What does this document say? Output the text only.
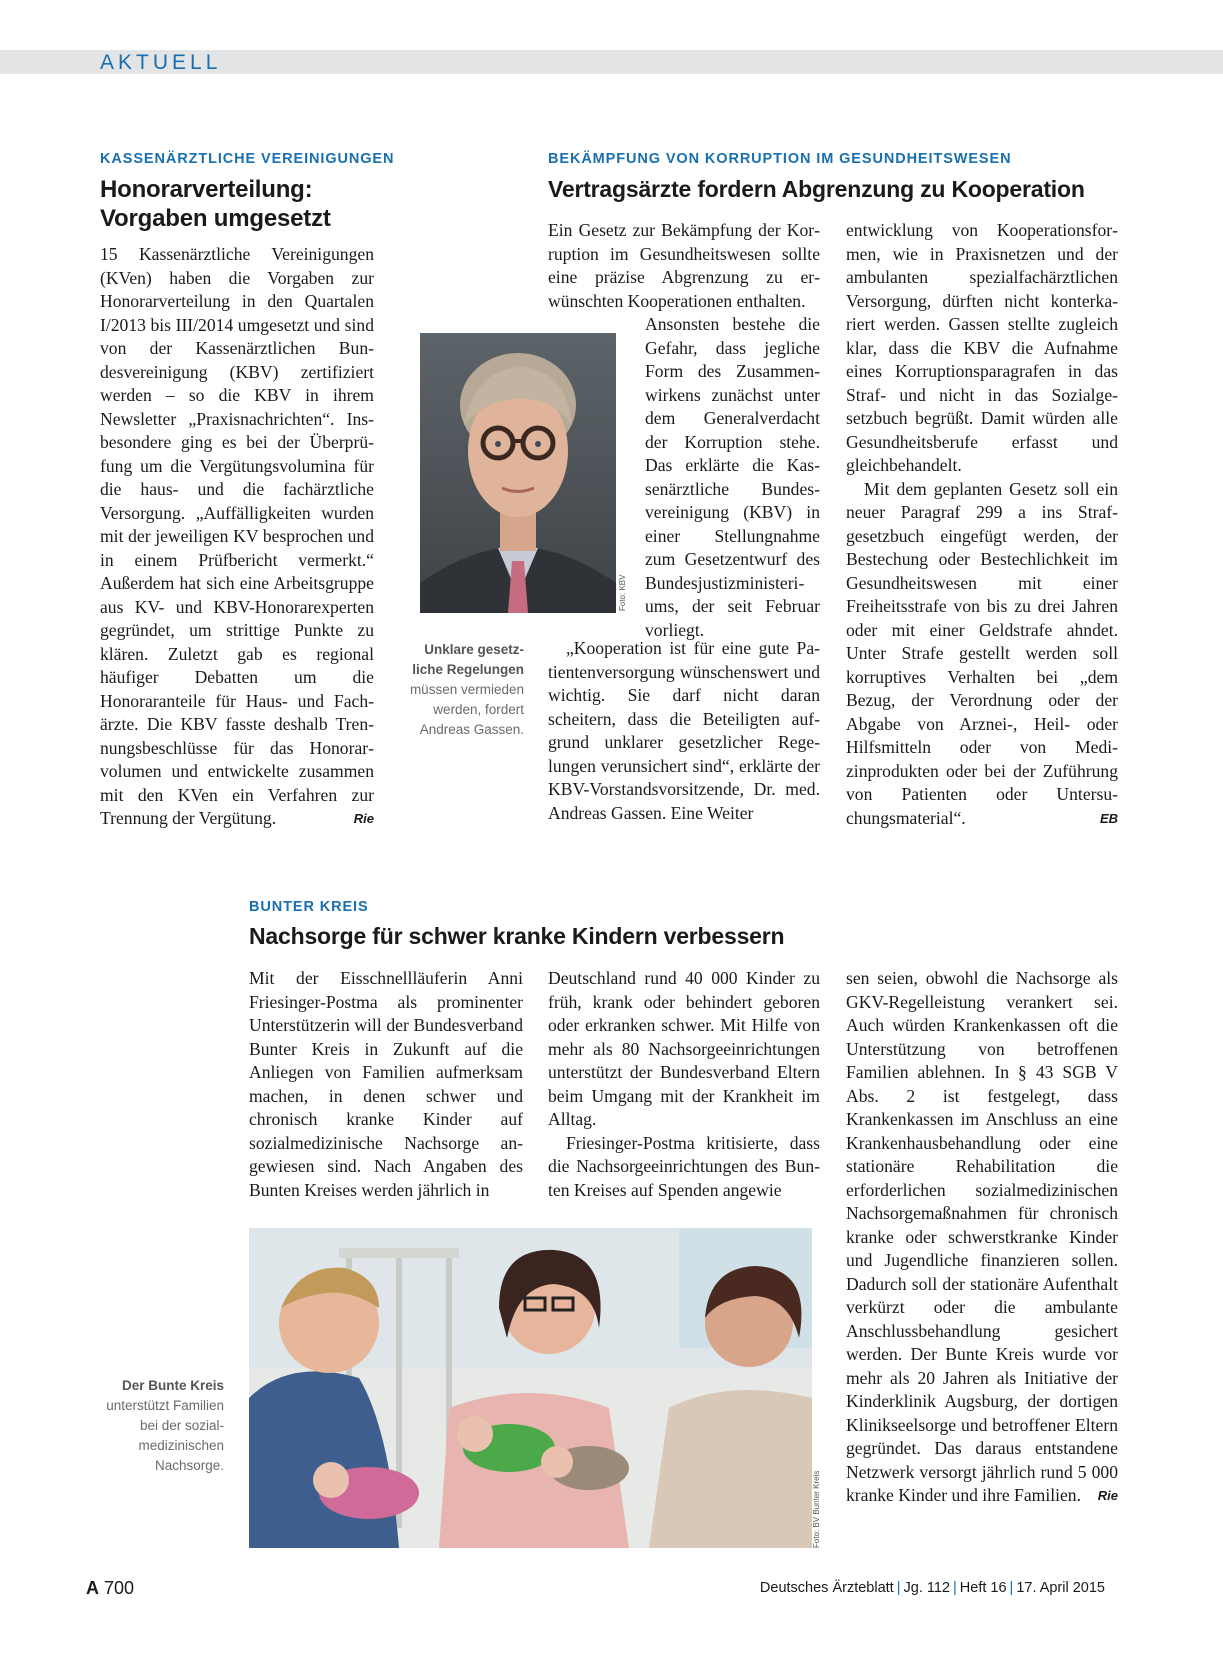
AKTUELL
KASSENÄRZTLICHE VEREINIGUNGEN
Honorarverteilung:
Vorgaben umgesetzt

15 Kassenärztliche Vereinigungen (KVen) haben die Vorgaben zur Honorarverteilung in den Quartalen I/2013 bis III/2014 umgesetzt und sind von der Kassenärztlichen Bundesvereinigung (KBV) zertifiziert werden – so die KBV in ihrem Newsletter „Praxisnachrichten“. Insbesondere ging es bei der Überprüfung um die Vergütungsvolumina für die haus- und die fachärztliche Versorgung. „Auffälligkeiten wurden mit der jeweiligen KV besprochen und in einem Prüfbericht vermerkt.“ Außerdem hat sich eine Arbeitsgruppe aus KV- und KBV-Honorarexperten gegründet, um strittige Punkte zu klären. Zuletzt gab es regional häufiger Debatten um die Honoraranteile für Haus- und Fachärzte. Die KBV fasste deshalb Trennungsbeschlüsse für das Honorarvolumen und entwickelte zusammen mit den KVen ein Verfahren zur Trennung der Vergütung.	Rie

BEKÄMPFUNG VON KORRUPTION IM GESUNDHEITSWESEN
Vertragsärzte fordern Abgrenzung zu Kooperation

Ein Gesetz zur Bekämpfung der Korruption im Gesundheitswesen sollte eine präzise Abgrenzung zu erwünschten Kooperationen enthalten.

Foto: KBV
Unklare gesetz-
liche Regelungen
müssen vermieden
werden, fordert
Andreas Gassen.

Ansonsten bestehe die Gefahr, dass jegliche Form des Zusammenwirkens zunächst unter dem Generalverdacht der Korruption stehe. Das erklärte die Kassenärztliche Bundesvereinigung (KBV) in einer Stellungnahme zum Gesetzentwurf des Bundesjustizministeriums, der seit Februar vorliegt.

„Kooperation ist für eine gute Patientenversorgung wünschenswert und wichtig. Sie darf nicht daran scheitern, dass die Beteiligten aufgrund unklarer gesetzlicher Regelungen verunsichert sind“, erklärte der KBV-Vorstandsvorsitzende, Dr. med. Andreas Gassen. Eine Weiter

entwicklung von Kooperationsformen, wie in Praxisnetzen und der ambulanten spezialfachärztlichen Versorgung, dürften nicht konterkariert werden. Gassen stellte zugleich klar, dass die KBV die Aufnahme eines Korruptionsparagrafen in das Straf- und nicht in das Sozialgesetzbuch begrüßt. Damit würden alle Gesundheitsberufe erfasst und gleichbehandelt.

Mit dem geplanten Gesetz soll ein neuer Paragraf 299 a ins Strafgesetzbuch eingefügt werden, der Bestechung oder Bestechlichkeit im Gesundheitswesen mit einer Freiheitsstrafe von bis zu drei Jahren oder mit einer Geldstrafe ahndet. Unter Strafe gestellt werden soll korruptives Verhalten bei „dem Bezug, der Verordnung oder der Abgabe von Arznei-, Heil- oder Hilfsmitteln oder von Medizinprodukten oder bei der Zuführung von Patienten oder Untersuchungsmaterial“.	EB

BUNTER KREIS
Nachsorge für schwer kranke Kindern verbessern

Mit der Eisschnellläuferin Anni Friesinger-Postma als prominenter Unterstützerin will der Bundesverband Bunter Kreis in Zukunft auf die Anliegen von Familien aufmerksam machen, in denen schwer und chronisch kranke Kinder auf sozialmedizinische Nachsorge angewiesen sind. Nach Angaben des Bunten Kreises werden jährlich in

Deutschland rund 40 000 Kinder zu früh, krank oder behindert geboren oder erkranken schwer. Mit Hilfe von mehr als 80 Nachsorgeeinrichtungen unterstützt der Bundesverband Eltern beim Umgang mit der Krankheit im Alltag.

Friesinger-Postma kritisierte, dass die Nachsorgeeinrichtungen des Bunten Kreises auf Spenden angewie

sen seien, obwohl die Nachsorge als GKV-Regelleistung verankert sei. Auch würden Krankenkassen oft die Unterstützung von betroffenen Familien ablehnen. In § 43 SGB V Abs. 2 ist festgelegt, dass Krankenkassen im Anschluss an eine Krankenhausbehandlung oder eine stationäre Rehabilitation die erforderlichen sozialmedizinischen Nachsorgemaßnahmen für chronisch kranke oder schwerstkranke Kinder und Jugendliche finanzieren sollen. Dadurch soll der stationäre Aufenthalt verkürzt oder die ambulante Anschlussbehandlung gesichert werden. Der Bunte Kreis wurde vor mehr als 20 Jahren als Initiative der Kinderklinik Augsburg, der dortigen Klinikseelsorge und betroffener Eltern gegründet. Das daraus entstandene Netzwerk versorgt jährlich rund 5 000 kranke Kinder und ihre Familien. Rie

Foto: BV Bunter Kreis
Der Bunte Kreis
unterstützt Familien
bei der sozial-
medizinischen
Nachsorge.
A 700	Deutsches Ärzteblatt | Jg. 112 | Heft 16 | 17. April 2015
